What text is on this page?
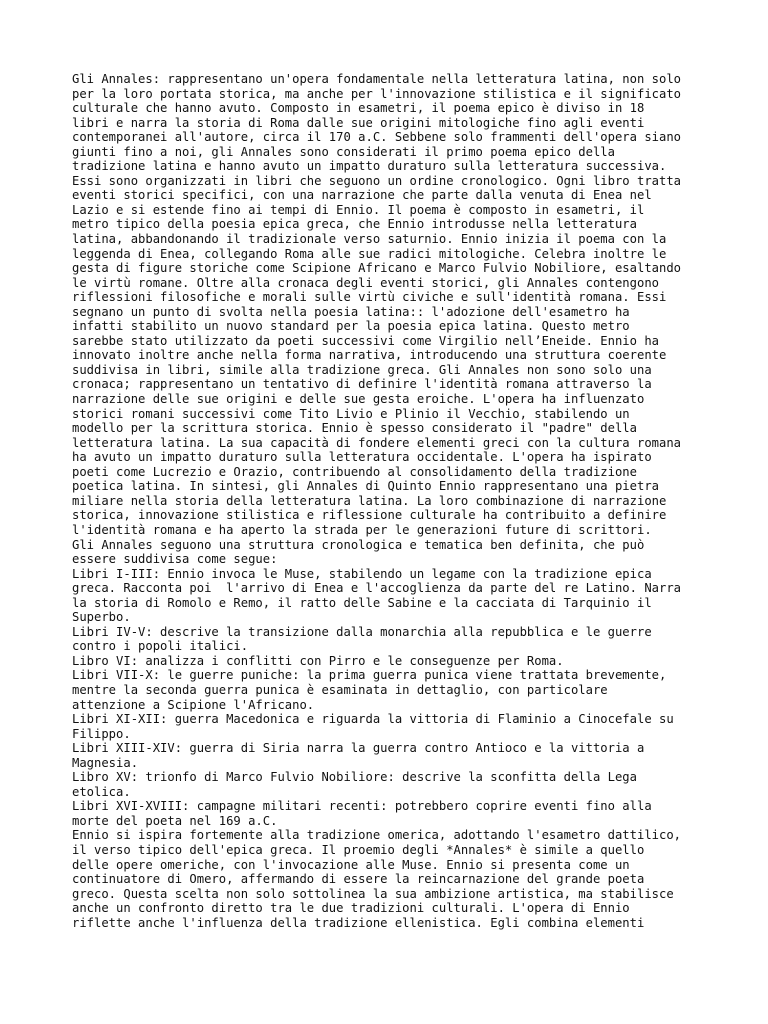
Gli Annales: rappresentano un'opera fondamentale nella letteratura latina, non solo
per la loro portata storica, ma anche per l'innovazione stilistica e il significato
culturale che hanno avuto. Composto in esametri, il poema epico è diviso in 18
libri e narra la storia di Roma dalle sue origini mitologiche fino agli eventi
contemporanei all'autore, circa il 170 a.C. Sebbene solo frammenti dell'opera siano
giunti fino a noi, gli Annales sono considerati il primo poema epico della
tradizione latina e hanno avuto un impatto duraturo sulla letteratura successiva.
Essi sono organizzati in libri che seguono un ordine cronologico. Ogni libro tratta
eventi storici specifici, con una narrazione che parte dalla venuta di Enea nel
Lazio e si estende fino ai tempi di Ennio. Il poema è composto in esametri, il
metro tipico della poesia epica greca, che Ennio introdusse nella letteratura
latina, abbandonando il tradizionale verso saturnio. Ennio inizia il poema con la
leggenda di Enea, collegando Roma alle sue radici mitologiche. Celebra inoltre le
gesta di figure storiche come Scipione Africano e Marco Fulvio Nobiliore, esaltando
le virtù romane. Oltre alla cronaca degli eventi storici, gli Annales contengono
riflessioni filosofiche e morali sulle virtù civiche e sull'identità romana. Essi
segnano un punto di svolta nella poesia latina:: l'adozione dell'esametro ha
infatti stabilito un nuovo standard per la poesia epica latina. Questo metro
sarebbe stato utilizzato da poeti successivi come Virgilio nell’Eneide. Ennio ha
innovato inoltre anche nella forma narrativa, introducendo una struttura coerente
suddivisa in libri, simile alla tradizione greca. Gli Annales non sono solo una
cronaca; rappresentano un tentativo di definire l'identità romana attraverso la
narrazione delle sue origini e delle sue gesta eroiche. L'opera ha influenzato
storici romani successivi come Tito Livio e Plinio il Vecchio, stabilendo un
modello per la scrittura storica. Ennio è spesso considerato il "padre" della
letteratura latina. La sua capacità di fondere elementi greci con la cultura romana
ha avuto un impatto duraturo sulla letteratura occidentale. L'opera ha ispirato
poeti come Lucrezio e Orazio, contribuendo al consolidamento della tradizione
poetica latina. In sintesi, gli Annales di Quinto Ennio rappresentano una pietra
miliare nella storia della letteratura latina. La loro combinazione di narrazione
storica, innovazione stilistica e riflessione culturale ha contribuito a definire
l'identità romana e ha aperto la strada per le generazioni future di scrittori.
Gli Annales seguono una struttura cronologica e tematica ben definita, che può
essere suddivisa come segue:
Libri I-III: Ennio invoca le Muse, stabilendo un legame con la tradizione epica
greca. Racconta poi  l'arrivo di Enea e l'accoglienza da parte del re Latino. Narra
la storia di Romolo e Remo, il ratto delle Sabine e la cacciata di Tarquinio il
Superbo.
Libri IV-V: descrive la transizione dalla monarchia alla repubblica e le guerre
contro i popoli italici.
Libro VI: analizza i conflitti con Pirro e le conseguenze per Roma.
Libri VII-X: le guerre puniche: la prima guerra punica viene trattata brevemente,
mentre la seconda guerra punica è esaminata in dettaglio, con particolare
attenzione a Scipione l'Africano.
Libri XI-XII: guerra Macedonica e riguarda la vittoria di Flaminio a Cinocefale su
Filippo.
Libri XIII-XIV: guerra di Siria narra la guerra contro Antioco e la vittoria a
Magnesia.
Libro XV: trionfo di Marco Fulvio Nobiliore: descrive la sconfitta della Lega
etolica.
Libri XVI-XVIII: campagne militari recenti: potrebbero coprire eventi fino alla
morte del poeta nel 169 a.C.
Ennio si ispira fortemente alla tradizione omerica, adottando l'esametro dattilico,
il verso tipico dell'epica greca. Il proemio degli *Annales* è simile a quello
delle opere omeriche, con l'invocazione alle Muse. Ennio si presenta come un
continuatore di Omero, affermando di essere la reincarnazione del grande poeta
greco. Questa scelta non solo sottolinea la sua ambizione artistica, ma stabilisce
anche un confronto diretto tra le due tradizioni culturali. L'opera di Ennio
riflette anche l'influenza della tradizione ellenistica. Egli combina elementi
